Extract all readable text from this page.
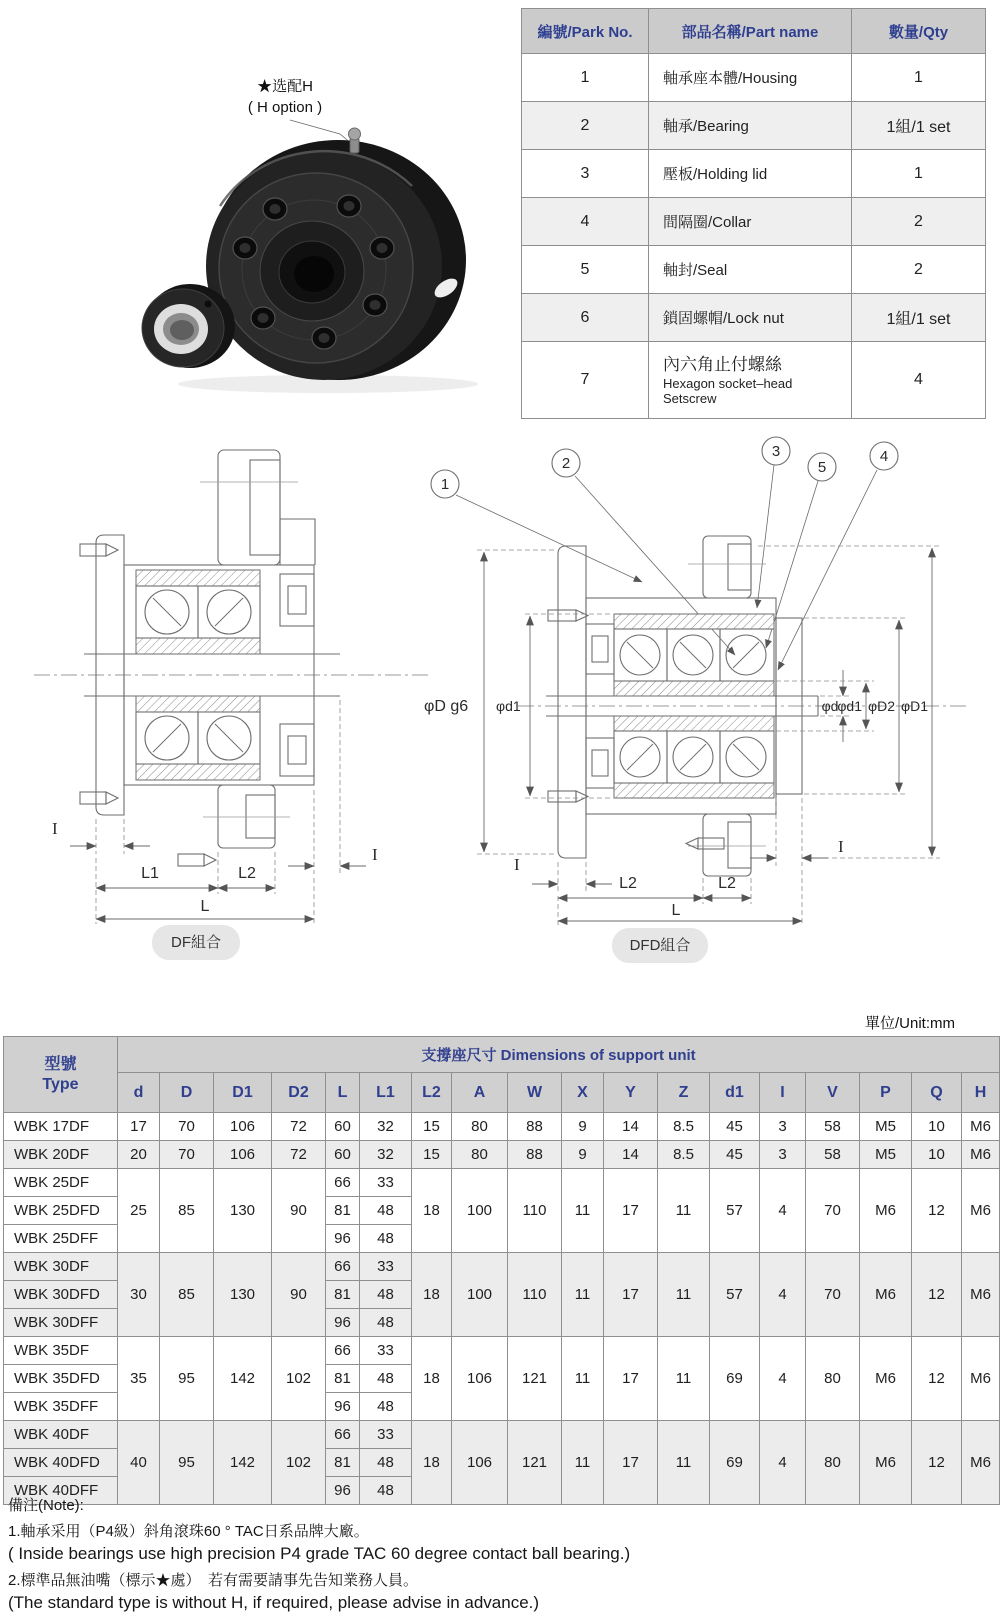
★选配H
( H option )
編號/Park No.	部品名稱/Part name	數量/Qty
1	軸承座本體/Housing	1
2	軸承/Bearing	1組/1 set
3	壓板/Holding lid	1
4	間隔圈/Collar	2
5	軸封/Seal	2
6	鎖固螺帽/Lock nut	1組/1 set
7	內六角止付螺絲
Hexagon socket–head
Setscrew	4
I
I
L1	L2
L
1
2
3
5
4
φD g6 φd1	φd
φd1 φD2 φD1
I
I
L2	L2
L
DF組合	DFD組合
單位/Unit:mm
型號
Type	支撐座尺寸 Dimensions of support unit																	
	d	D	D1	D2	L	L1	L2	A	W	X	Y	Z	d1	I	V	P	Q	H
WBK 17DF	17	70	106	72	60	32	15	80	88	9	14	8.5	45	3	58	M5	10	M6
WBK 20DF	20	70	106	72	60	32	15	80	88	9	14	8.5	45	3	58	M5	10	M6
WBK 25DF	25	85	130	90	66	33	18	100	110	11	17	11	57	4	70	M6	12	M6
WBK 25DFD					81	48												
WBK 25DFF					96	48												
WBK 30DF	30	85	130	90	66	33	18	100	110	11	17	11	57	4	70	M6	12	M6
WBK 30DFD					81	48												
WBK 30DFF					96	48												
WBK 35DF	35	95	142	102	66	33	18	106	121	11	17	11	69	4	80	M6	12	M6
WBK 35DFD					81	48												
WBK 35DFF					96	48												
WBK 40DF	40	95	142	102	66	33	18	106	121	11	17	11	69	4	80	M6	12	M6
WBK 40DFD					81	48												
WBK 40DFF					96	48												
備注(Note):
1.軸承采用（P4級）斜角滾珠60 ° TAC日系品牌大廠。
( Inside bearings use high precision P4 grade TAC 60 degree contact ball bearing.)
2.標準品無油嘴（標示★處）　若有需要請事先告知業務人員。
(The standard type is without H, if required, please advise in advance.)
